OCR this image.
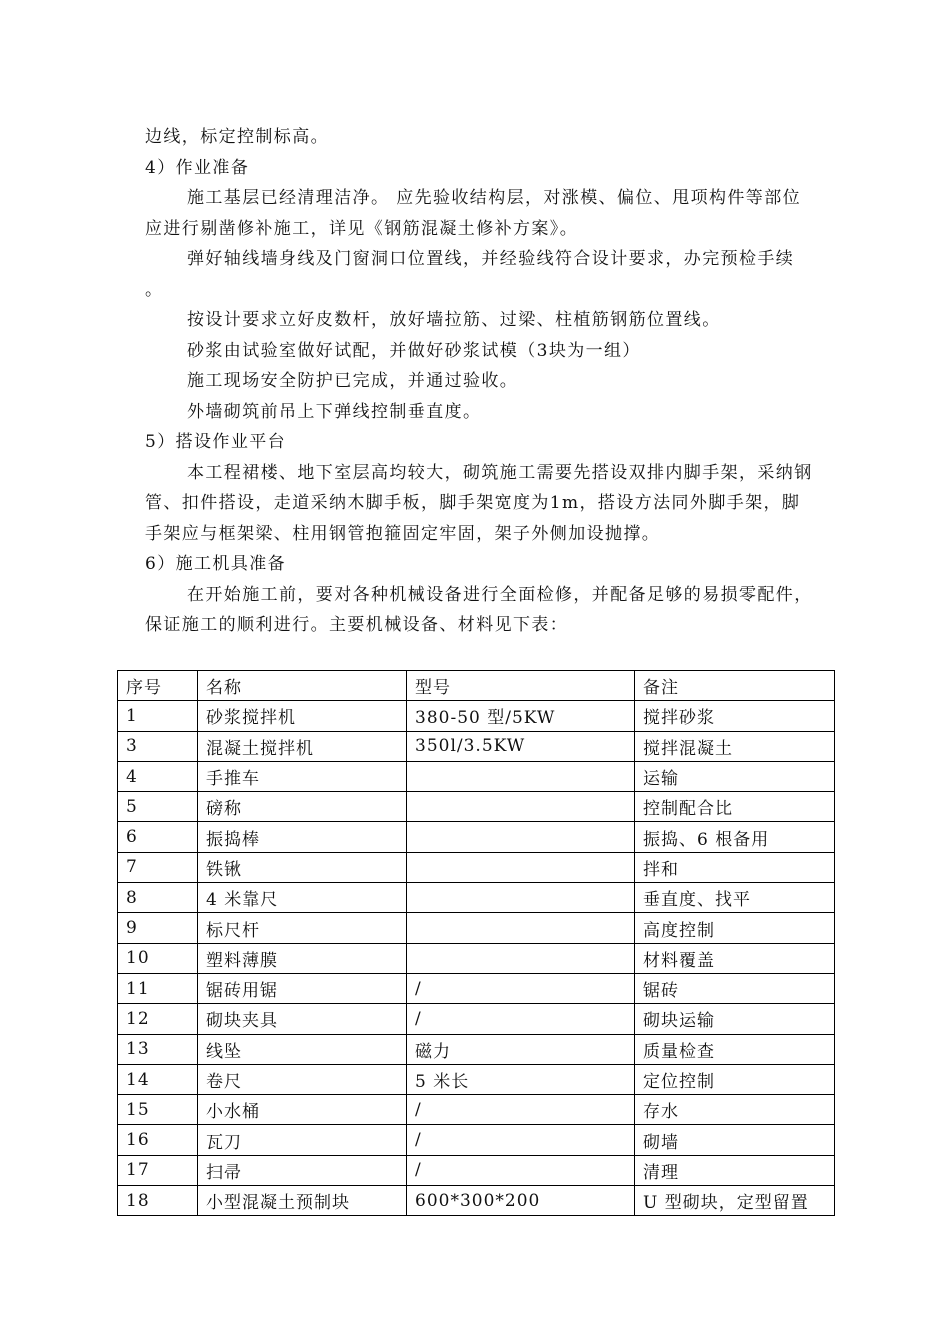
边线，标定控制标高。

4）作业准备

施工基层已经清理洁净。 应先验收结构层，对涨模、偏位、甩项构件等部位应进行剔凿修补施工，详见《钢筋混凝土修补方案》。

弹好轴线墙身线及门窗洞口位置线，并经验线符合设计要求，办完预检手续 。

按设计要求立好皮数杆，放好墙拉筋、过梁、柱植筋钢筋位置线。

砂浆由试验室做好试配，并做好砂浆试模（3块为一组）

施工现场安全防护已完成，并通过验收。

外墙砌筑前吊上下弹线控制垂直度。

5）搭设作业平台

本工程裙楼、地下室层高均较大，砌筑施工需要先搭设双排内脚手架，采纳钢管、扣件搭设，走道采纳木脚手板，脚手架宽度为1m，搭设方法同外脚手架，脚手架应与框架梁、柱用钢管抱箍固定牢固，架子外侧加设抛撑。

6）施工机具准备

在开始施工前，要对各种机械设备进行全面检修，并配备足够的易损零配件，保证施工的顺利进行。主要机械设备、材料见下表：

序号	名称	型号	备注
1	砂浆搅拌机	380-50 型/5KW	搅拌砂浆
3	混凝土搅拌机	350l/3.5KW	搅拌混凝土
4	手推车		运输
5	磅称		控制配合比
6	振捣棒		振捣、6 根备用
7	铁锹		拌和
8	4 米靠尺		垂直度、找平
9	标尺杆		高度控制
10	塑料薄膜		材料覆盖
11	锯砖用锯	/	锯砖
12	砌块夹具	/	砌块运输
13	线坠	磁力	质量检查
14	卷尺	5 米长	定位控制
15	小水桶	/	存水
16	瓦刀	/	砌墙
17	扫帚	/	清理
18	小型混凝土预制块	600*300*200	U 型砌块，定型留置
